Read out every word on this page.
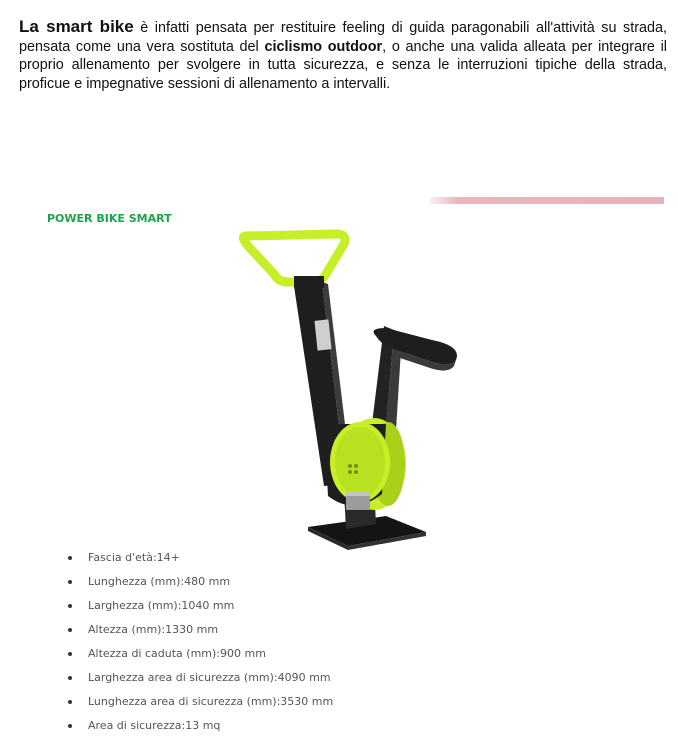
La smart bike è infatti pensata per restituire feeling di guida paragonabili all'attività su strada, pensata come una vera sostituta del ciclismo outdoor, o anche una valida alleata per integrare il proprio allenamento per svolgere in tutta sicurezza, e senza le interruzioni tipiche della strada, proficue e impegnative sessioni di allenamento a intervalli.
POWER BIKE SMART
Fascia d'età:14+
Lunghezza (mm):480 mm
Larghezza (mm):1040 mm
Altezza (mm):1330 mm
Altezza di caduta (mm):900 mm
Larghezza area di sicurezza (mm):4090 mm
Lunghezza area di sicurezza (mm):3530 mm
Area di sicurezza:13 mq
